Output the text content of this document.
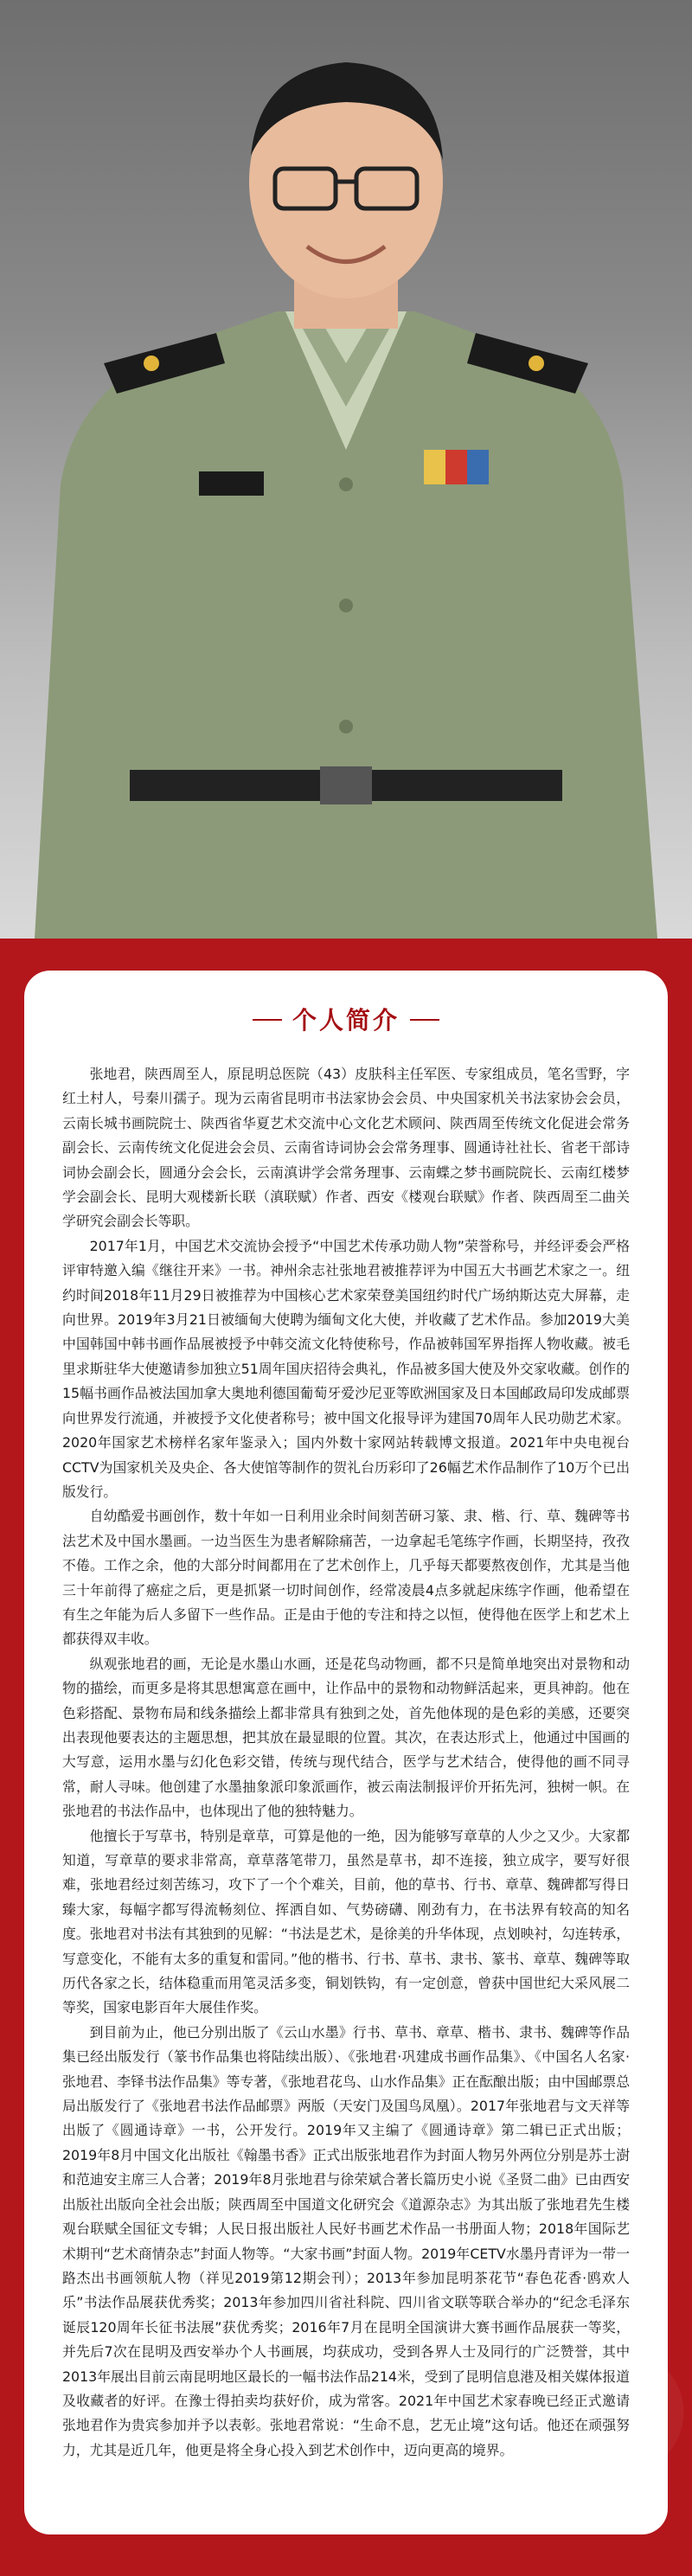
个人简介

张地君，陕西周至人，原昆明总医院（43）皮肤科主任军医、专家组成员，笔名雪野，字红土村人，号秦川孺子。现为云南省昆明市书法家协会会员、中央国家机关书法家协会会员，云南长城书画院院士、陕西省华夏艺术交流中心文化艺术顾问、陕西周至传统文化促进会常务副会长、云南传统文化促进会会员、云南省诗词协会会常务理事、圆通诗社社长、省老干部诗词协会副会长，圆通分会会长，云南滇讲学会常务理事、云南蝶之梦书画院院长、云南红楼梦学会副会长、昆明大观楼新长联（滇联赋）作者、西安《楼观台联赋》作者、陕西周至二曲关学研究会副会长等职。

2017年1月，中国艺术交流协会授予“中国艺术传承功勋人物”荣誉称号，并经评委会严格评审特邀入编《继往开来》一书。神州余志社张地君被推荐评为中国五大书画艺术家之一。纽约时间2018年11月29日被推荐为中国核心艺术家荣登美国纽约时代广场纳斯达克大屏幕，走向世界。2019年3月21日被缅甸大使聘为缅甸文化大使，并收藏了艺术作品。参加2019大美中国韩国中韩书画作品展被授予中韩交流文化特使称号，作品被韩国军界指挥人物收藏。被毛里求斯驻华大使邀请参加独立51周年国庆招待会典礼，作品被多国大使及外交家收藏。创作的15幅书画作品被法国加拿大奥地利德国葡萄牙爱沙尼亚等欧洲国家及日本国邮政局印发成邮票向世界发行流通，并被授予文化使者称号；被中国文化报导评为建国70周年人民功勋艺术家。2020年国家艺术榜样名家年鉴录入；国内外数十家网站转载博文报道。2021年中央电视台CCTV为国家机关及央企、各大使馆等制作的贺礼台历彩印了26幅艺术作品制作了10万个已出版发行。

自幼酷爱书画创作，数十年如一日利用业余时间刻苦研习篆、隶、楷、行、草、魏碑等书法艺术及中国水墨画。一边当医生为患者解除痛苦，一边拿起毛笔练字作画，长期坚持，孜孜不倦。工作之余，他的大部分时间都用在了艺术创作上，几乎每天都要熬夜创作，尤其是当他三十年前得了癌症之后，更是抓紧一切时间创作，经常凌晨4点多就起床练字作画，他希望在有生之年能为后人多留下一些作品。正是由于他的专注和持之以恒，使得他在医学上和艺术上都获得双丰收。

纵观张地君的画，无论是水墨山水画，还是花鸟动物画，都不只是简单地突出对景物和动物的描绘，而更多是将其思想寓意在画中，让作品中的景物和动物鲜活起来，更具神韵。他在色彩搭配、景物布局和线条描绘上都非常具有独到之处，首先他体现的是色彩的美感，还要突出表现他要表达的主题思想，把其放在最显眼的位置。其次，在表达形式上，他通过中国画的大写意，运用水墨与幻化色彩交错，传统与现代结合，医学与艺术结合，使得他的画不同寻常，耐人寻味。他创建了水墨抽象派印象派画作，被云南法制报评价开拓先河，独树一帜。在张地君的书法作品中，也体现出了他的独特魅力。

他擅长于写草书，特别是章草，可算是他的一绝，因为能够写章草的人少之又少。大家都知道，写章草的要求非常高，章草落笔带刀，虽然是草书，却不连接，独立成字，要写好很难，张地君经过刻苦练习，攻下了一个个难关，目前，他的草书、行书、章草、魏碑都写得日臻大家，每幅字都写得流畅刻位、挥洒自如、气势磅礴、刚劲有力，在书法界有较高的知名度。张地君对书法有其独到的见解：“书法是艺术，是徐美的升华体现，点划映衬，勾连转承，写意变化，不能有太多的重复和雷同。”他的楷书、行书、草书、隶书、篆书、章草、魏碑等取历代各家之长，结体稳重而用笔灵活多变，铜划铁钩，有一定创意，曾获中国世纪大采风展二等奖，国家电影百年大展佳作奖。

到目前为止，他已分别出版了《云山水墨》行书、草书、章草、楷书、隶书、魏碑等作品集已经出版发行（篆书作品集也将陆续出版）、《张地君·巩建成书画作品集》、《中国名人名家·张地君、李铎书法作品集》等专著，《张地君花鸟、山水作品集》正在酝酿出版；由中国邮票总局出版发行了《张地君书法作品邮票》两版（天安门及国鸟凤凰）。2017年张地君与文天祥等出版了《圆通诗章》一书，公开发行。2019年又主编了《圆通诗章》第二辑已正式出版；2019年8月中国文化出版社《翰墨书香》正式出版张地君作为封面人物另外两位分别是苏士澍和范迪安主席三人合著；2019年8月张地君与徐荣斌合著长篇历史小说《圣贤二曲》已由西安出版社出版向全社会出版；陕西周至中国道文化研究会《道源杂志》为其出版了张地君先生楼观台联赋全国征文专辑；人民日报出版社人民好书画艺术作品一书册面人物；2018年国际艺术期刊“艺术商情杂志”封面人物等。“大家书画”封面人物。2019年CETV水墨丹青评为一带一路杰出书画领航人物（祥见2019第12期会刊）；2013年参加昆明茶花节“春色花香·鸥欢人乐”书法作品展获优秀奖；2013年参加四川省社科院、四川省文联等联合举办的“纪念毛泽东诞辰120周年长征书法展”获优秀奖；2016年7月在昆明全国演讲大赛书画作品展获一等奖，并先后7次在昆明及西安举办个人书画展，均获成功，受到各界人士及同行的广泛赞誉，其中2013年展出目前云南昆明地区最长的一幅书法作品214米，受到了昆明信息港及相关媒体报道及收藏者的好评。在豫士得拍卖均获好价，成为常客。2021年中国艺术家春晚已经正式邀请张地君作为贵宾参加并予以表彰。张地君常说：“生命不息，艺无止境”这句话。他还在顽强努力，尤其是近几年，他更是将全身心投入到艺术创作中，迈向更高的境界。
